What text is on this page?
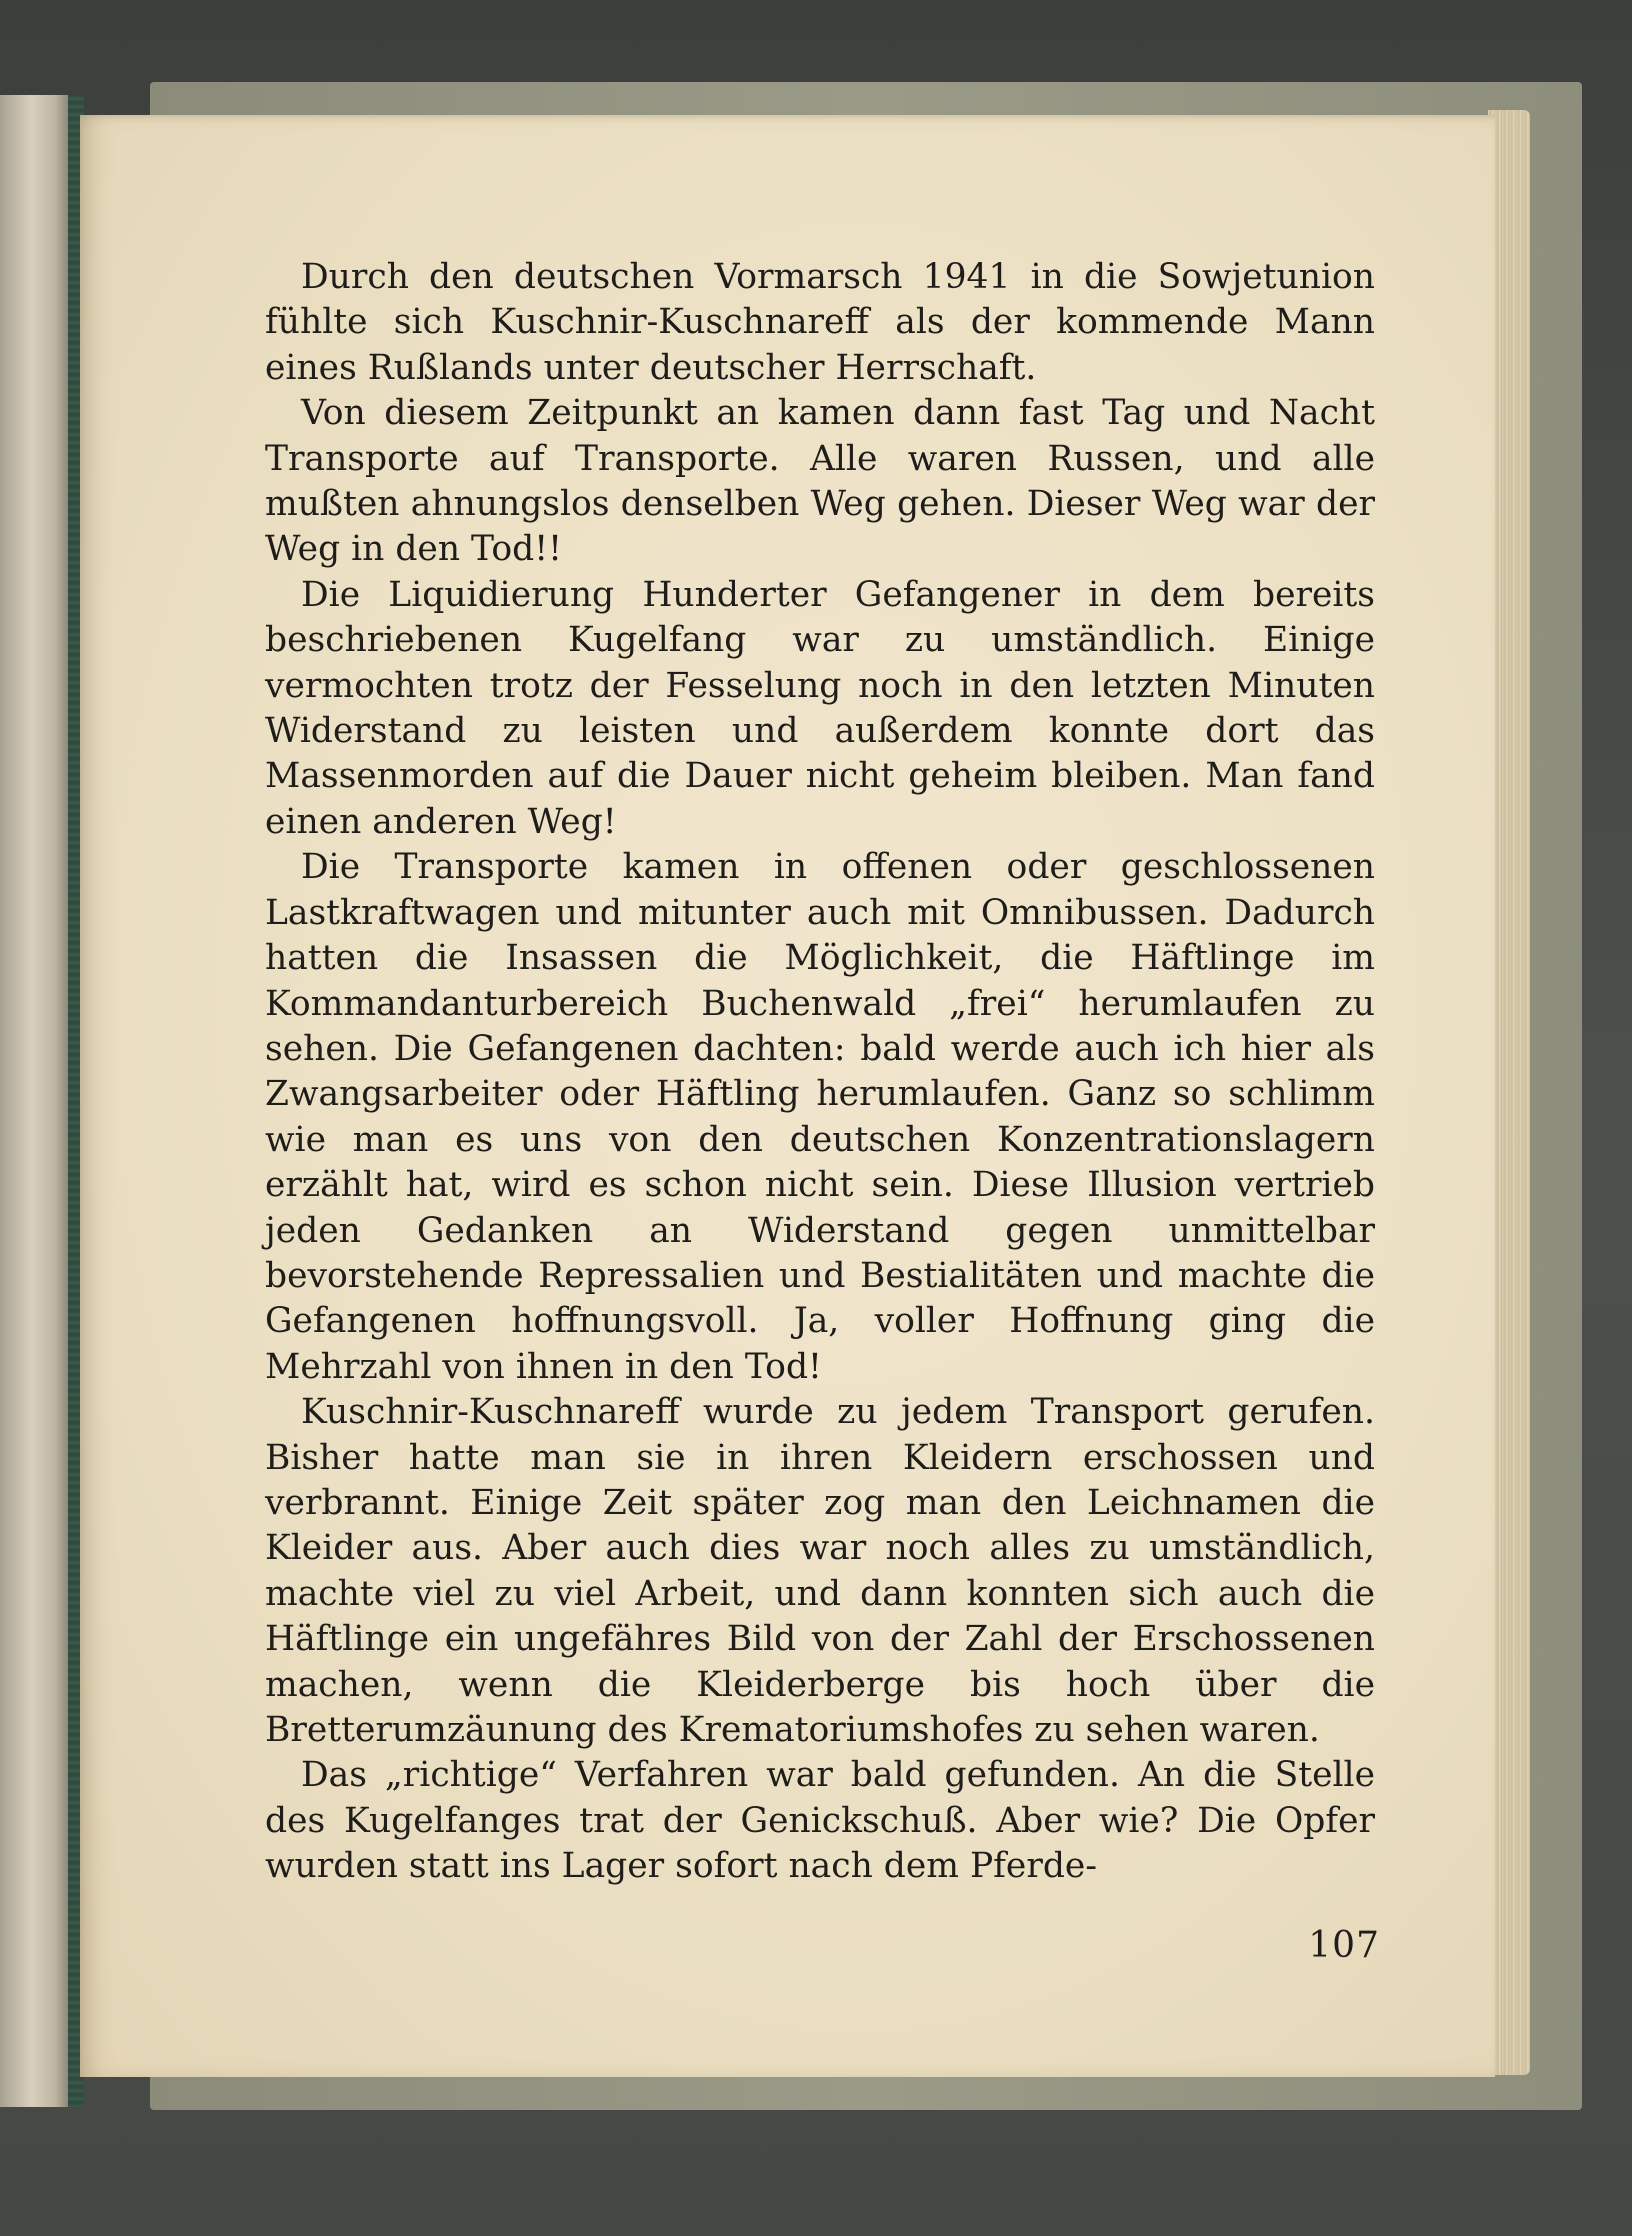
Durch den deutschen Vormarsch 1941 in die Sowjetunion fühlte sich Kuschnir-Kuschnareff als der kommende Mann eines Rußlands unter deutscher Herrschaft.

Von diesem Zeitpunkt an kamen dann fast Tag und Nacht Transporte auf Transporte. Alle waren Russen, und alle mußten ahnungslos denselben Weg gehen. Dieser Weg war der Weg in den Tod!!

Die Liquidierung Hunderter Gefangener in dem bereits beschriebenen Kugelfang war zu umständlich. Einige vermochten trotz der Fesselung noch in den letzten Minuten Widerstand zu leisten und außerdem konnte dort das Massenmorden auf die Dauer nicht geheim bleiben. Man fand einen anderen Weg!

Die Transporte kamen in offenen oder geschlossenen Lastkraftwagen und mitunter auch mit Omnibussen. Dadurch hatten die Insassen die Möglichkeit, die Häftlinge im Kommandanturbereich Buchenwald „frei“ herumlaufen zu sehen. Die Gefangenen dachten: bald werde auch ich hier als Zwangsarbeiter oder Häftling herumlaufen. Ganz so schlimm wie man es uns von den deutschen Konzentrationslagern erzählt hat, wird es schon nicht sein. Diese Illusion vertrieb jeden Gedanken an Widerstand gegen unmittelbar bevorstehende Repressalien und Bestialitäten und machte die Gefangenen hoffnungsvoll. Ja, voller Hoffnung ging die Mehrzahl von ihnen in den Tod!

Kuschnir-Kuschnareff wurde zu jedem Transport gerufen. Bisher hatte man sie in ihren Kleidern erschossen und verbrannt. Einige Zeit später zog man den Leichnamen die Kleider aus. Aber auch dies war noch alles zu umständlich, machte viel zu viel Arbeit, und dann konnten sich auch die Häftlinge ein ungefähres Bild von der Zahl der Erschossenen machen, wenn die Kleiderberge bis hoch über die Bretterumzäunung des Krematoriumshofes zu sehen waren.

Das „richtige“ Verfahren war bald gefunden. An die Stelle des Kugelfanges trat der Genickschuß. Aber wie? Die Opfer wurden statt ins Lager sofort nach dem Pferde-

107
